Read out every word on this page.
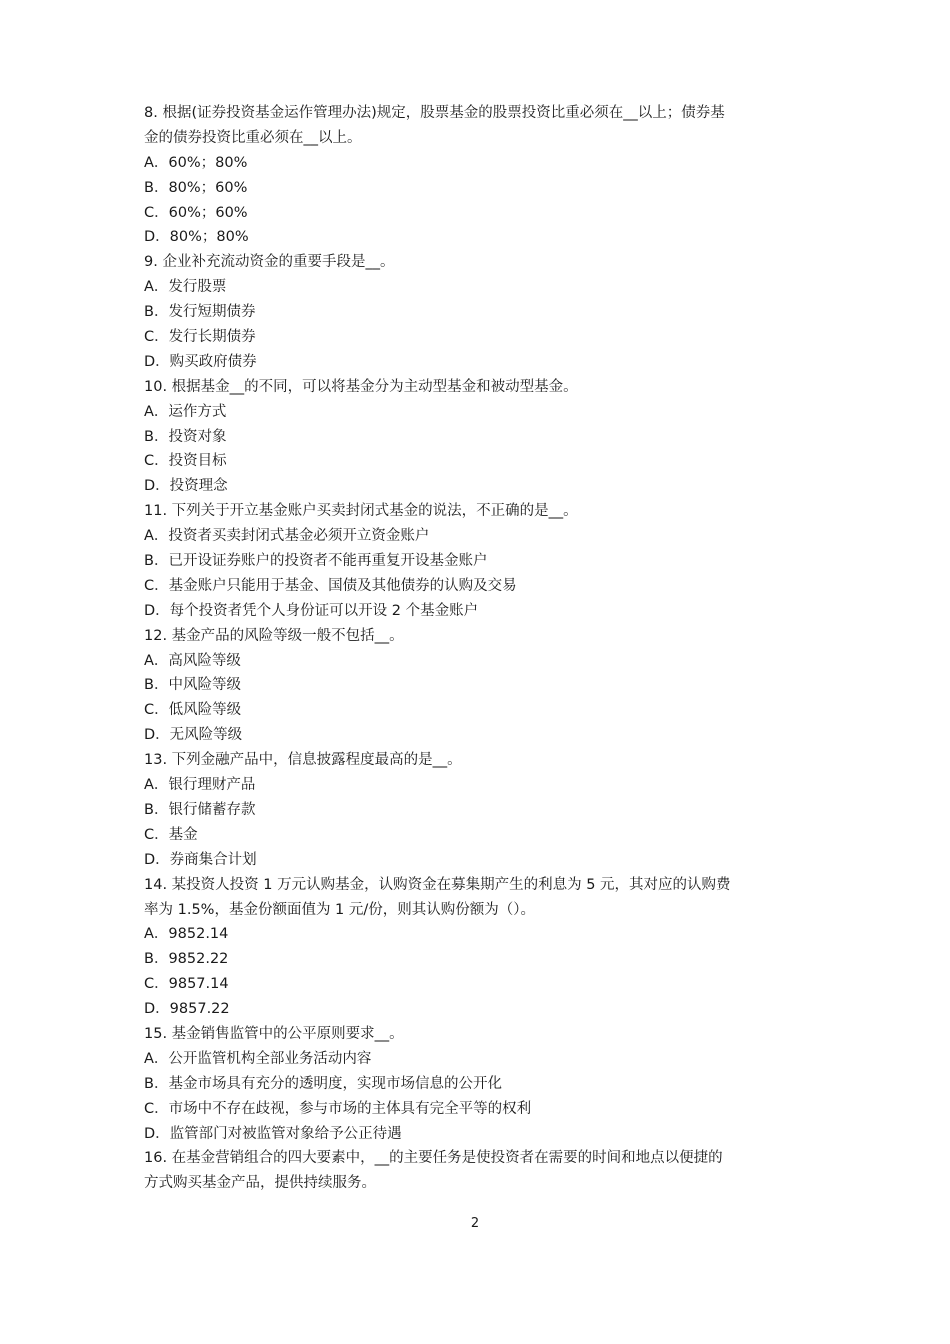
8. 根据(证券投资基金运作管理办法)规定，股票基金的股票投资比重必须在__以上；债券基
金的债券投资比重必须在__以上。
A．60%；80%
B．80%；60%
C．60%；60%
D．80%；80%
9. 企业补充流动资金的重要手段是__。
A．发行股票
B．发行短期债券
C．发行长期债券
D．购买政府债券
10. 根据基金__的不同，可以将基金分为主动型基金和被动型基金。
A．运作方式
B．投资对象
C．投资目标
D．投资理念
11. 下列关于开立基金账户买卖封闭式基金的说法，不正确的是__。
A．投资者买卖封闭式基金必须开立资金账户
B．已开设证券账户的投资者不能再重复开设基金账户
C．基金账户只能用于基金、国债及其他债券的认购及交易
D．每个投资者凭个人身份证可以开设 2 个基金账户
12. 基金产品的风险等级一般不包括__。
A．高风险等级
B．中风险等级
C．低风险等级
D．无风险等级
13. 下列金融产品中，信息披露程度最高的是__。
A．银行理财产品
B．银行储蓄存款
C．基金
D．券商集合计划
14. 某投资人投资 1 万元认购基金，认购资金在募集期产生的利息为 5 元，其对应的认购费
率为 1.5%，基金份额面值为 1 元/份，则其认购份额为（）。
A．9852.14
B．9852.22
C．9857.14
D．9857.22
15. 基金销售监管中的公平原则要求__。
A．公开监管机构全部业务活动内容
B．基金市场具有充分的透明度，实现市场信息的公开化
C．市场中不存在歧视，参与市场的主体具有完全平等的权利
D．监管部门对被监管对象给予公正待遇
16. 在基金营销组合的四大要素中，__的主要任务是使投资者在需要的时间和地点以便捷的
方式购买基金产品，提供持续服务。
2
